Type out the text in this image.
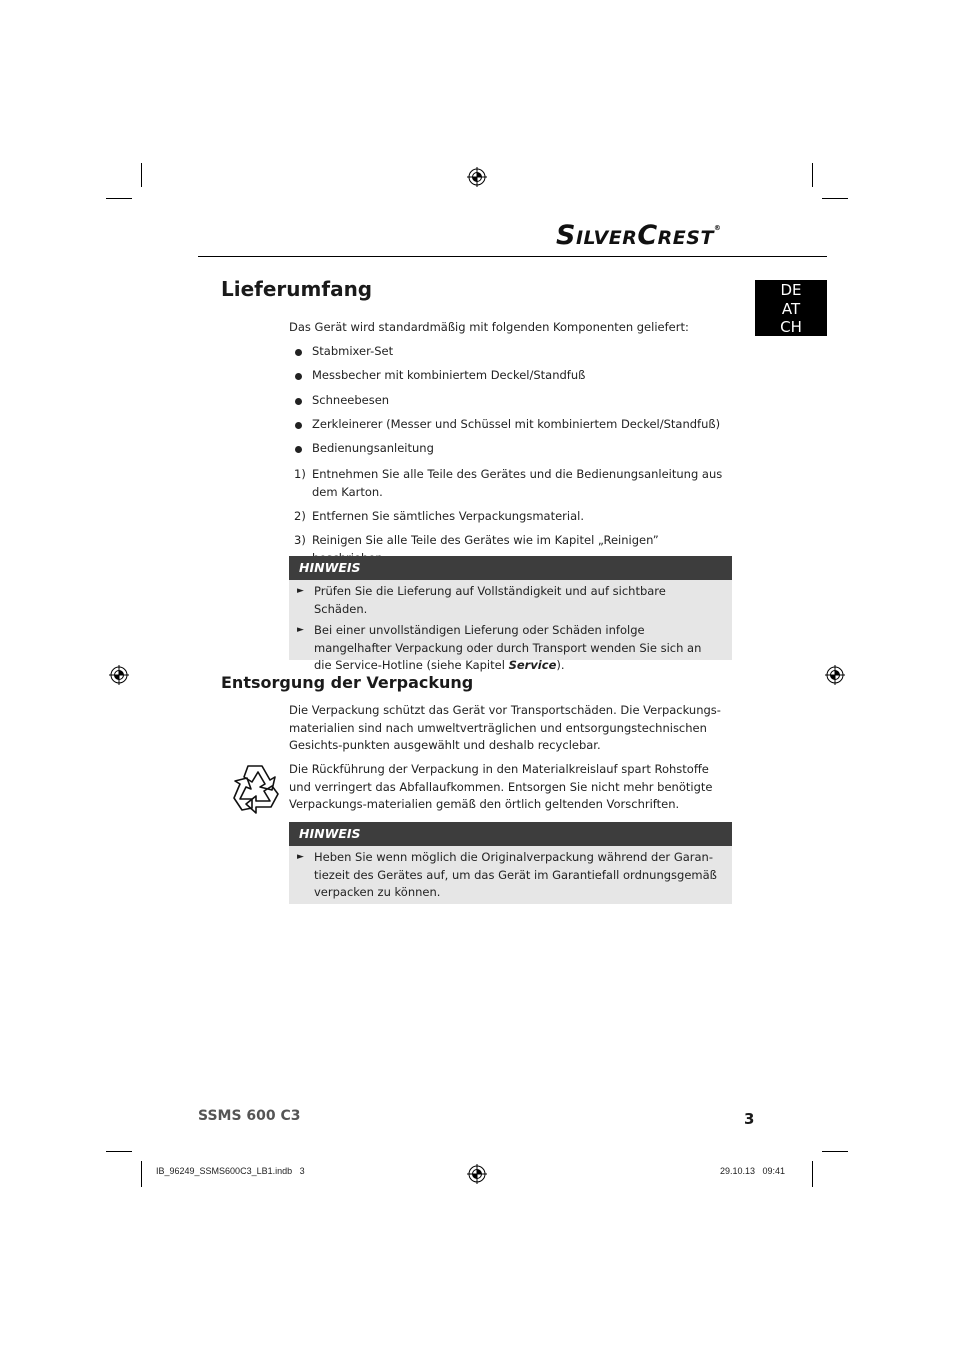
SILVERCREST®
DE
AT
CH
Lieferumfang

Das Gerät wird standardmäßig mit folgenden Komponenten geliefert:

Stabmixer-Set
Messbecher mit kombiniertem Deckel/Standfuß
Schneebesen
Zerkleinerer (Messer und Schüssel mit kombiniertem Deckel/Standfuß)
Bedienungsanleitung
1) Entnehmen Sie alle Teile des Gerätes und die Bedienungsanleitung aus dem Karton.
2) Entfernen Sie sämtliches Verpackungsmaterial.
3) Reinigen Sie alle Teile des Gerätes wie im Kapitel „Reinigen”
HINWEIS
► Prüfen Sie die Lieferung auf Vollständigkeit und auf sichtbare Schäden.
► Bei einer unvollständigen Lieferung oder Schäden infolge mangelhafter Verpackung oder durch Transport wenden Sie sich an die Service-Hotline (siehe Kapitel Service).
Entsorgung der Verpackung

Die Verpackung schützt das Gerät vor Transportschäden. Die Verpackungs-materialien sind nach umweltverträglichen und entsorgungstechnischen Gesichts-punkten ausgewählt und deshalb recyclebar.

Die Rückführung der Verpackung in den Materialkreislauf spart Rohstoffe und verringert das Abfallaufkommen. Entsorgen Sie nicht mehr benötigte Verpackungs-materialien gemäß den örtlich geltenden Vorschriften.

HINWEIS
► Heben Sie wenn möglich die Originalverpackung während der Garan-tiezeit des Gerätes auf, um das Gerät im Garantiefall ordnungsgemäß verpacken zu können.
SSMS 600 C3	3
IB_96249_SSMS600C3_LB1.indb   3	29.10.13   09:41
